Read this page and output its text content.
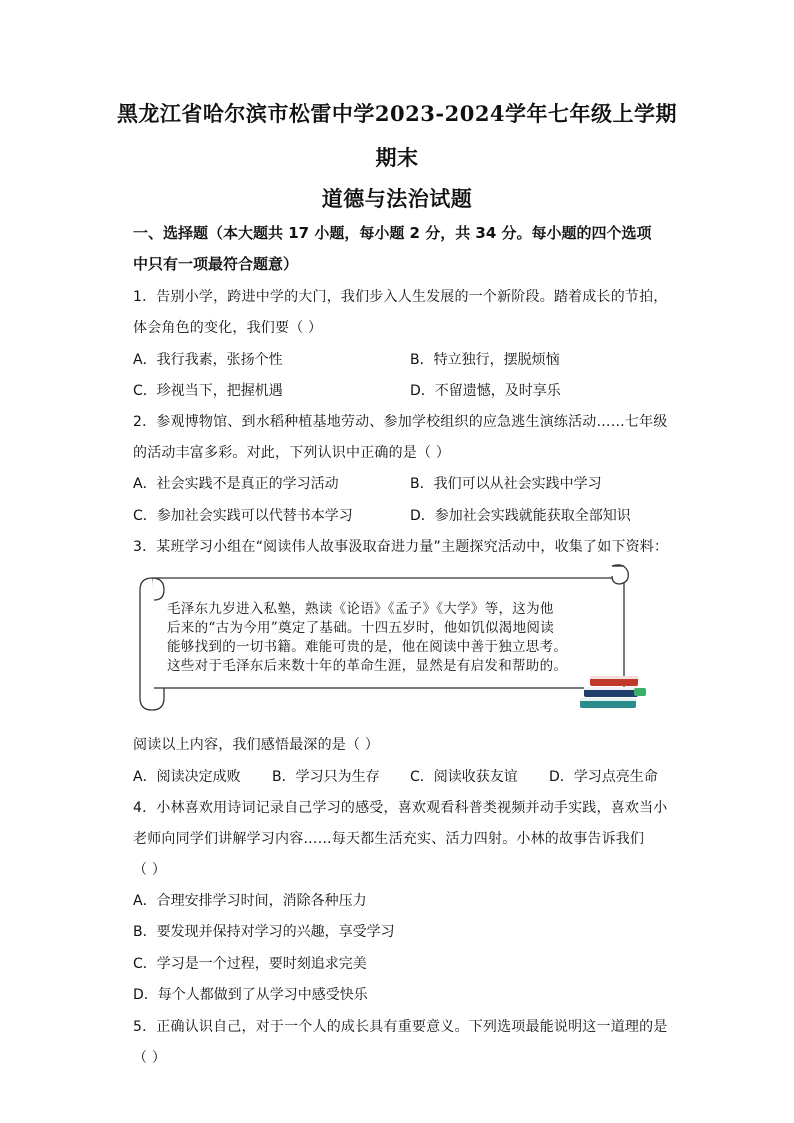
黑龙江省哈尔滨市松雷中学2023-2024学年七年级上学期
期末
道德与法治试题
一、选择题（本大题共 17 小题，每小题 2 分，共 34 分。每小题的四个选项
中只有一项最符合题意）
1．告别小学，跨进中学的大门，我们步入人生发展的一个新阶段。踏着成长的节拍，
体会角色的变化，我们要（ ）
A．我行我素，张扬个性	B．特立独行，摆脱烦恼
C．珍视当下，把握机遇	D．不留遗憾，及时享乐
2．参观博物馆、到水稻种植基地劳动、参加学校组织的应急逃生演练活动……七年级
的活动丰富多彩。对此，下列认识中正确的是（ ）
A．社会实践不是真正的学习活动	B．我们可以从社会实践中学习
C．参加社会实践可以代替书本学习	D．参加社会实践就能获取全部知识
3．某班学习小组在“阅读伟人故事汲取奋进力量”主题探究活动中，收集了如下资料：
毛泽东九岁进入私塾，熟读《论语》《孟子》《大学》等，这为他
后来的“古为今用”奠定了基础。十四五岁时，他如饥似渴地阅读
能够找到的一切书籍。难能可贵的是，他在阅读中善于独立思考。
这些对于毛泽东后来数十年的革命生涯，显然是有启发和帮助的。
阅读以上内容，我们感悟最深的是（ ）
A．阅读决定成败 B．学习只为生存 C．阅读收获友谊 D．学习点亮生命
4．小林喜欢用诗词记录自己学习的感受，喜欢观看科普类视频并动手实践，喜欢当小
老师向同学们讲解学习内容……每天都生活充实、活力四射。小林的故事告诉我们
（ ）
A．合理安排学习时间，消除各种压力
B．要发现并保持对学习的兴趣，享受学习
C．学习是一个过程，要时刻追求完美
D．每个人都做到了从学习中感受快乐
5．正确认识自己，对于一个人的成长具有重要意义。下列选项最能说明这一道理的是
（ ）
